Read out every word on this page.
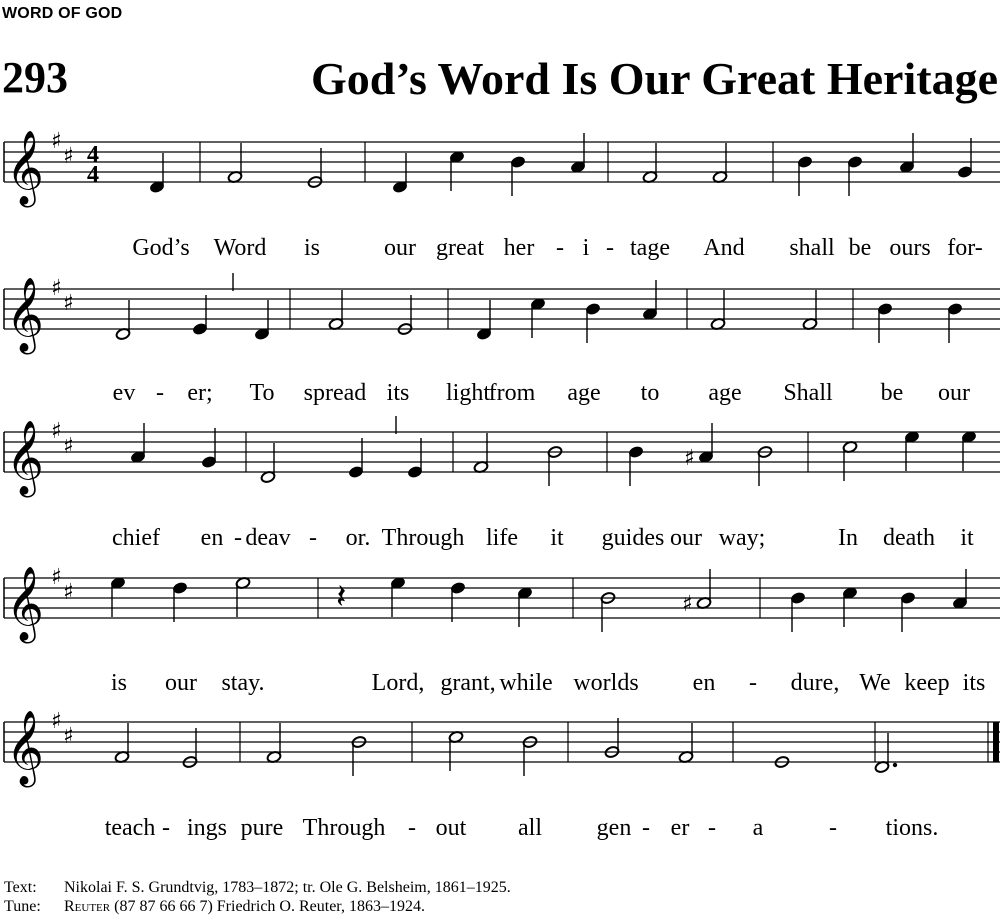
WORD OF GOD
293	God’s Word Is Our Great Heritage
𝄞 ♯
♯ 4
4
God’s Word is	our great her - i - tage And shall be ours for-
𝄞 ♯
♯
ev - er; To spread its light
from age to age Shall be our
𝄞 ♯
♯	♯
chief en - deav - or. Through life it guides our way;	In death it
𝄞 ♯
♯	𝄽	♯
is our stay.	Lord, grant, while worlds en - dure, We keep its
𝄞 ♯
♯
teach - ings pure Through - out all gen - er - a	- tions.
Text:	Nikolai F. S. Grundtvig, 1783–1872; tr. Ole G. Belsheim, 1861–1925.
Tune:	Reuter (87 87 66 66 7) Friedrich O. Reuter, 1863–1924.
